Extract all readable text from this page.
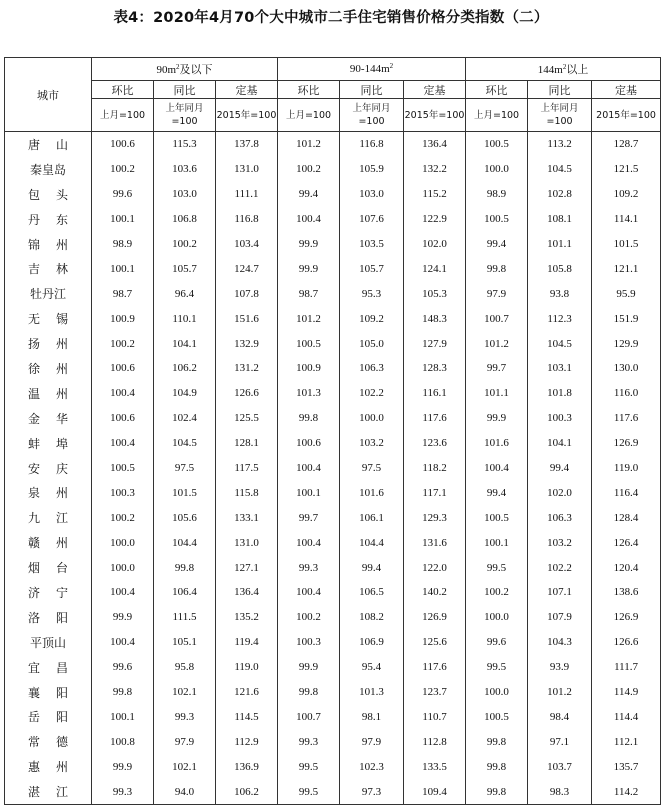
表4：2020年4月70个大中城市二手住宅销售价格分类指数（二）
城市	$90m^2$及以下			$90-144m^2$			$144m^2$以上		
	环比	同比	定基	环比	同比	定基	环比	同比	定基
	上月=100	上年同月=100	2015年=100	上月=100	上年同月=100	2015年=100	上月=100	上年同月=100	2015年=100
唐山	100.6	115.3	137.8	101.2	116.8	136.4	100.5	113.2	128.7
秦皇岛	100.2	103.6	131.0	100.2	105.9	132.2	100.0	104.5	121.5
包头	99.6	103.0	111.1	99.4	103.0	115.2	98.9	102.8	109.2
丹东	100.1	106.8	116.8	100.4	107.6	122.9	100.5	108.1	114.1
锦州	98.9	100.2	103.4	99.9	103.5	102.0	99.4	101.1	101.5
吉林	100.1	105.7	124.7	99.9	105.7	124.1	99.8	105.8	121.1
牡丹江	98.7	96.4	107.8	98.7	95.3	105.3	97.9	93.8	95.9
无锡	100.9	110.1	151.6	101.2	109.2	148.3	100.7	112.3	151.9
扬州	100.2	104.1	132.9	100.5	105.0	127.9	101.2	104.5	129.9
徐州	100.6	106.2	131.2	100.9	106.3	128.3	99.7	103.1	130.0
温州	100.4	104.9	126.6	101.3	102.2	116.1	101.1	101.8	116.0
金华	100.6	102.4	125.5	99.8	100.0	117.6	99.9	100.3	117.6
蚌埠	100.4	104.5	128.1	100.6	103.2	123.6	101.6	104.1	126.9
安庆	100.5	97.5	117.5	100.4	97.5	118.2	100.4	99.4	119.0
泉州	100.3	101.5	115.8	100.1	101.6	117.1	99.4	102.0	116.4
九江	100.2	105.6	133.1	99.7	106.1	129.3	100.5	106.3	128.4
赣州	100.0	104.4	131.0	100.4	104.4	131.6	100.1	103.2	126.4
烟台	100.0	99.8	127.1	99.3	99.4	122.0	99.5	102.2	120.4
济宁	100.4	106.4	136.4	100.4	106.5	140.2	100.2	107.1	138.6
洛阳	99.9	111.5	135.2	100.2	108.2	126.9	100.0	107.9	126.9
平顶山	100.4	105.1	119.4	100.3	106.9	125.6	99.6	104.3	126.6
宜昌	99.6	95.8	119.0	99.9	95.4	117.6	99.5	93.9	111.7
襄阳	99.8	102.1	121.6	99.8	101.3	123.7	100.0	101.2	114.9
岳阳	100.1	99.3	114.5	100.7	98.1	110.7	100.5	98.4	114.4
常德	100.8	97.9	112.9	99.3	97.9	112.8	99.8	97.1	112.1
惠州	99.9	102.1	136.9	99.5	102.3	133.5	99.8	103.7	135.7
湛江	99.3	94.0	106.2	99.5	97.3	109.4	99.8	98.3	114.2
